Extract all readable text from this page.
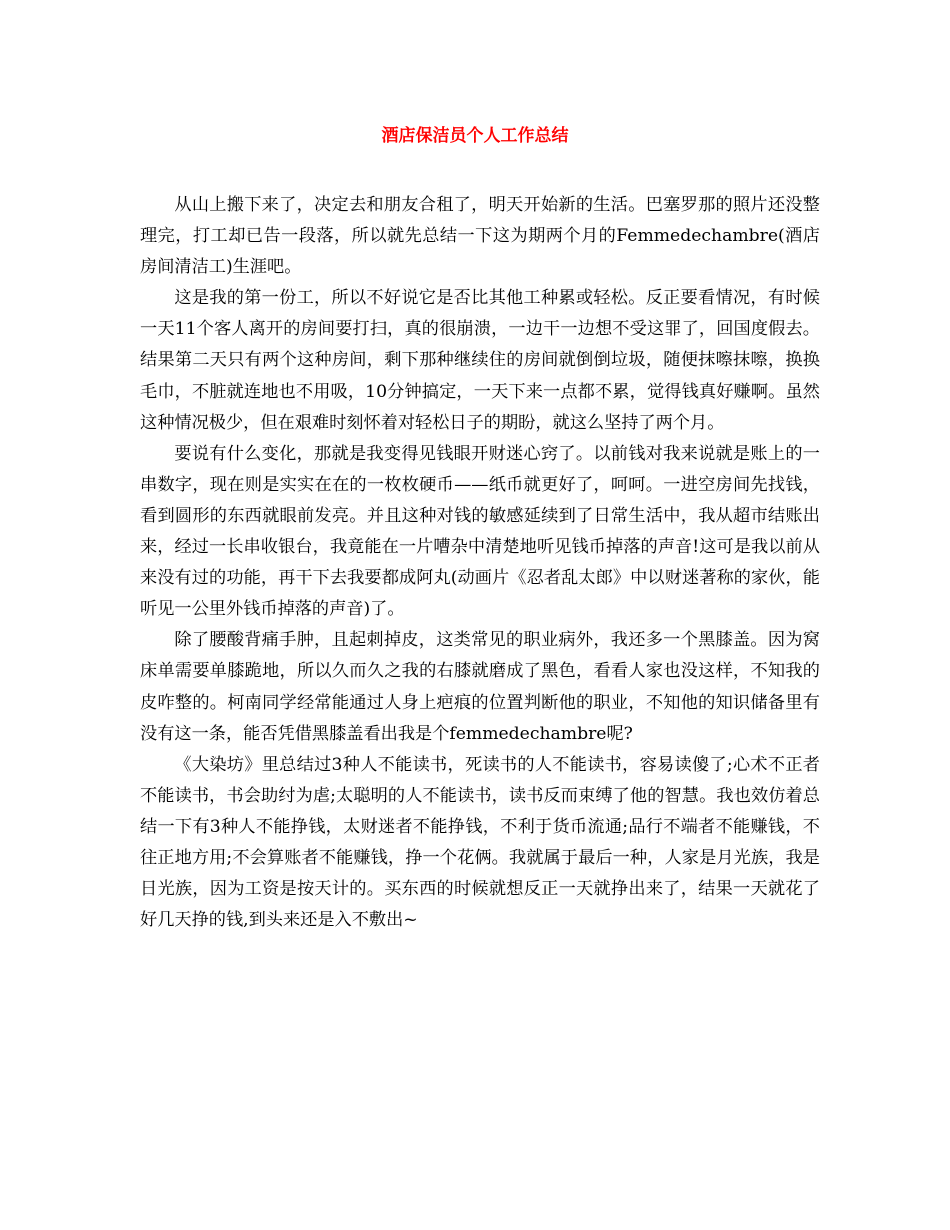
酒店保洁员个人工作总结

从山上搬下来了，决定去和朋友合租了，明天开始新的生活。巴塞罗那的照片还没整理完，打工却已告一段落，所以就先总结一下这为期两个月的Femmedechambre(酒店房间清洁工)生涯吧。

这是我的第一份工，所以不好说它是否比其他工种累或轻松。反正要看情况，有时候一天11个客人离开的房间要打扫，真的很崩溃，一边干一边想不受这罪了，回国度假去。结果第二天只有两个这种房间，剩下那种继续住的房间就倒倒垃圾，随便抹嚓抹嚓，换换毛巾，不脏就连地也不用吸，10分钟搞定，一天下来一点都不累，觉得钱真好赚啊。虽然这种情况极少，但在艰难时刻怀着对轻松日子的期盼，就这么坚持了两个月。

要说有什么变化，那就是我变得见钱眼开财迷心窍了。以前钱对我来说就是账上的一串数字，现在则是实实在在的一枚枚硬币——纸币就更好了，呵呵。一进空房间先找钱，看到圆形的东西就眼前发亮。并且这种对钱的敏感延续到了日常生活中，我从超市结账出来，经过一长串收银台，我竟能在一片嘈杂中清楚地听见钱币掉落的声音!这可是我以前从来没有过的功能，再干下去我要都成阿丸(动画片《忍者乱太郎》中以财迷著称的家伙，能听见一公里外钱币掉落的声音)了。

除了腰酸背痛手肿，且起刺掉皮，这类常见的职业病外，我还多一个黑膝盖。因为窝床单需要单膝跪地，所以久而久之我的右膝就磨成了黑色，看看人家也没这样，不知我的皮咋整的。柯南同学经常能通过人身上疤痕的位置判断他的职业，不知他的知识储备里有没有这一条，能否凭借黑膝盖看出我是个femmedechambre呢?

《大染坊》里总结过3种人不能读书，死读书的人不能读书，容易读傻了;心术不正者不能读书，书会助纣为虐;太聪明的人不能读书，读书反而束缚了他的智慧。我也效仿着总结一下有3种人不能挣钱，太财迷者不能挣钱，不利于货币流通;品行不端者不能赚钱，不往正地方用;不会算账者不能赚钱，挣一个花俩。我就属于最后一种，人家是月光族，我是日光族，因为工资是按天计的。买东西的时候就想反正一天就挣出来了，结果一天就花了好几天挣的钱,到头来还是入不敷出~
